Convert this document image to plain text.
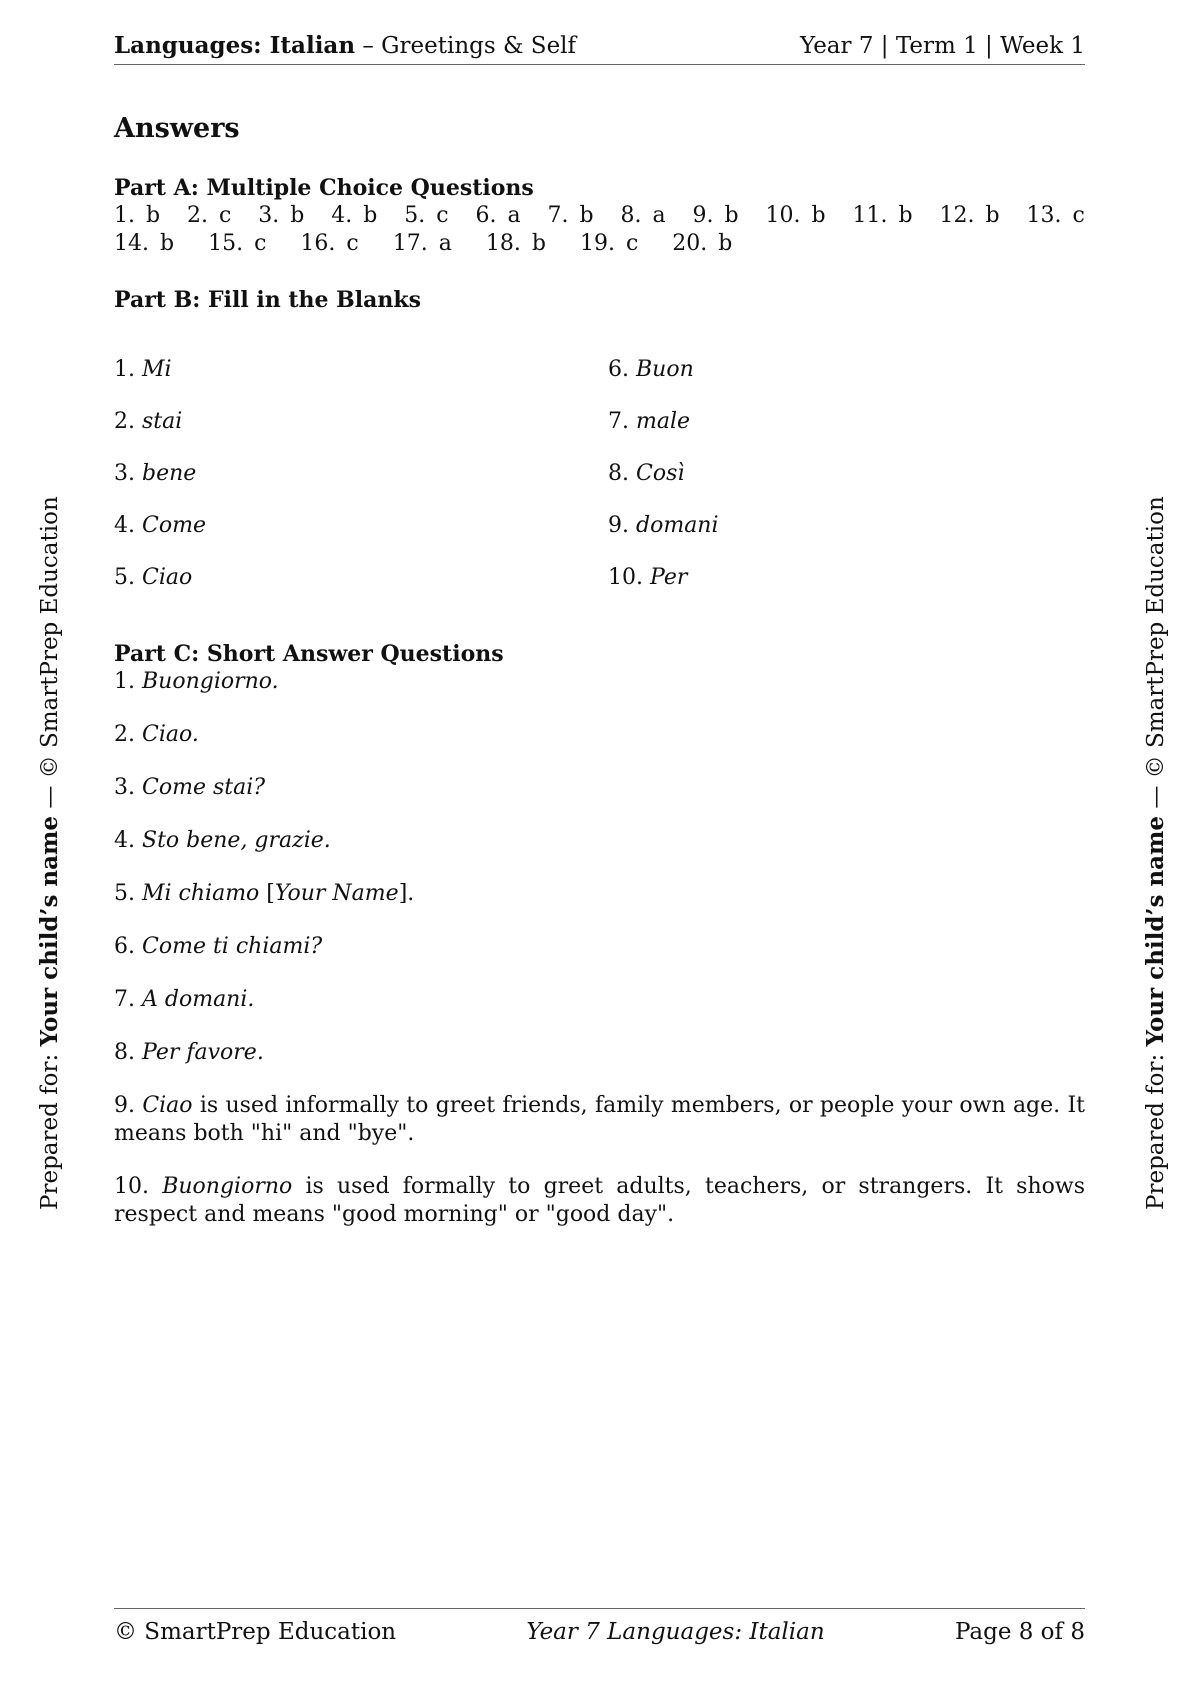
Languages: Italian – Greetings & Self	Year 7 | Term 1 | Week 1
Prepared for: Your child’s name — © SmartPrep Education
Prepared for: Your child’s name — © SmartPrep Education
Answers
Part A: Multiple Choice Questions
1. b 2. c 3. b 4. b 5. c 6. a 7. b 8. a 9. b 10. b 11. b 12. b 13. c
14. b 15. c 16. c 17. a 18. b 19. c 20. b
Part B: Fill in the Blanks
1. Mi	6. Buon
2. stai	7. male
3. bene	8. Così
4. Come	9. domani
5. Ciao	10. Per
Part C: Short Answer Questions
1. Buongiorno.
2. Ciao.
3. Come stai?
4. Sto bene, grazie.
5. Mi chiamo [Your Name].
6. Come ti chiami?
7. A domani.
8. Per favore.
9. Ciao is used informally to greet friends, family members, or people your own age. It means both "hi" and "bye".
10. Buongiorno is used formally to greet adults, teachers, or strangers. It shows respect and means "good morning" or "good day".
© SmartPrep Education	Year 7 Languages: Italian	Page 8 of 8
